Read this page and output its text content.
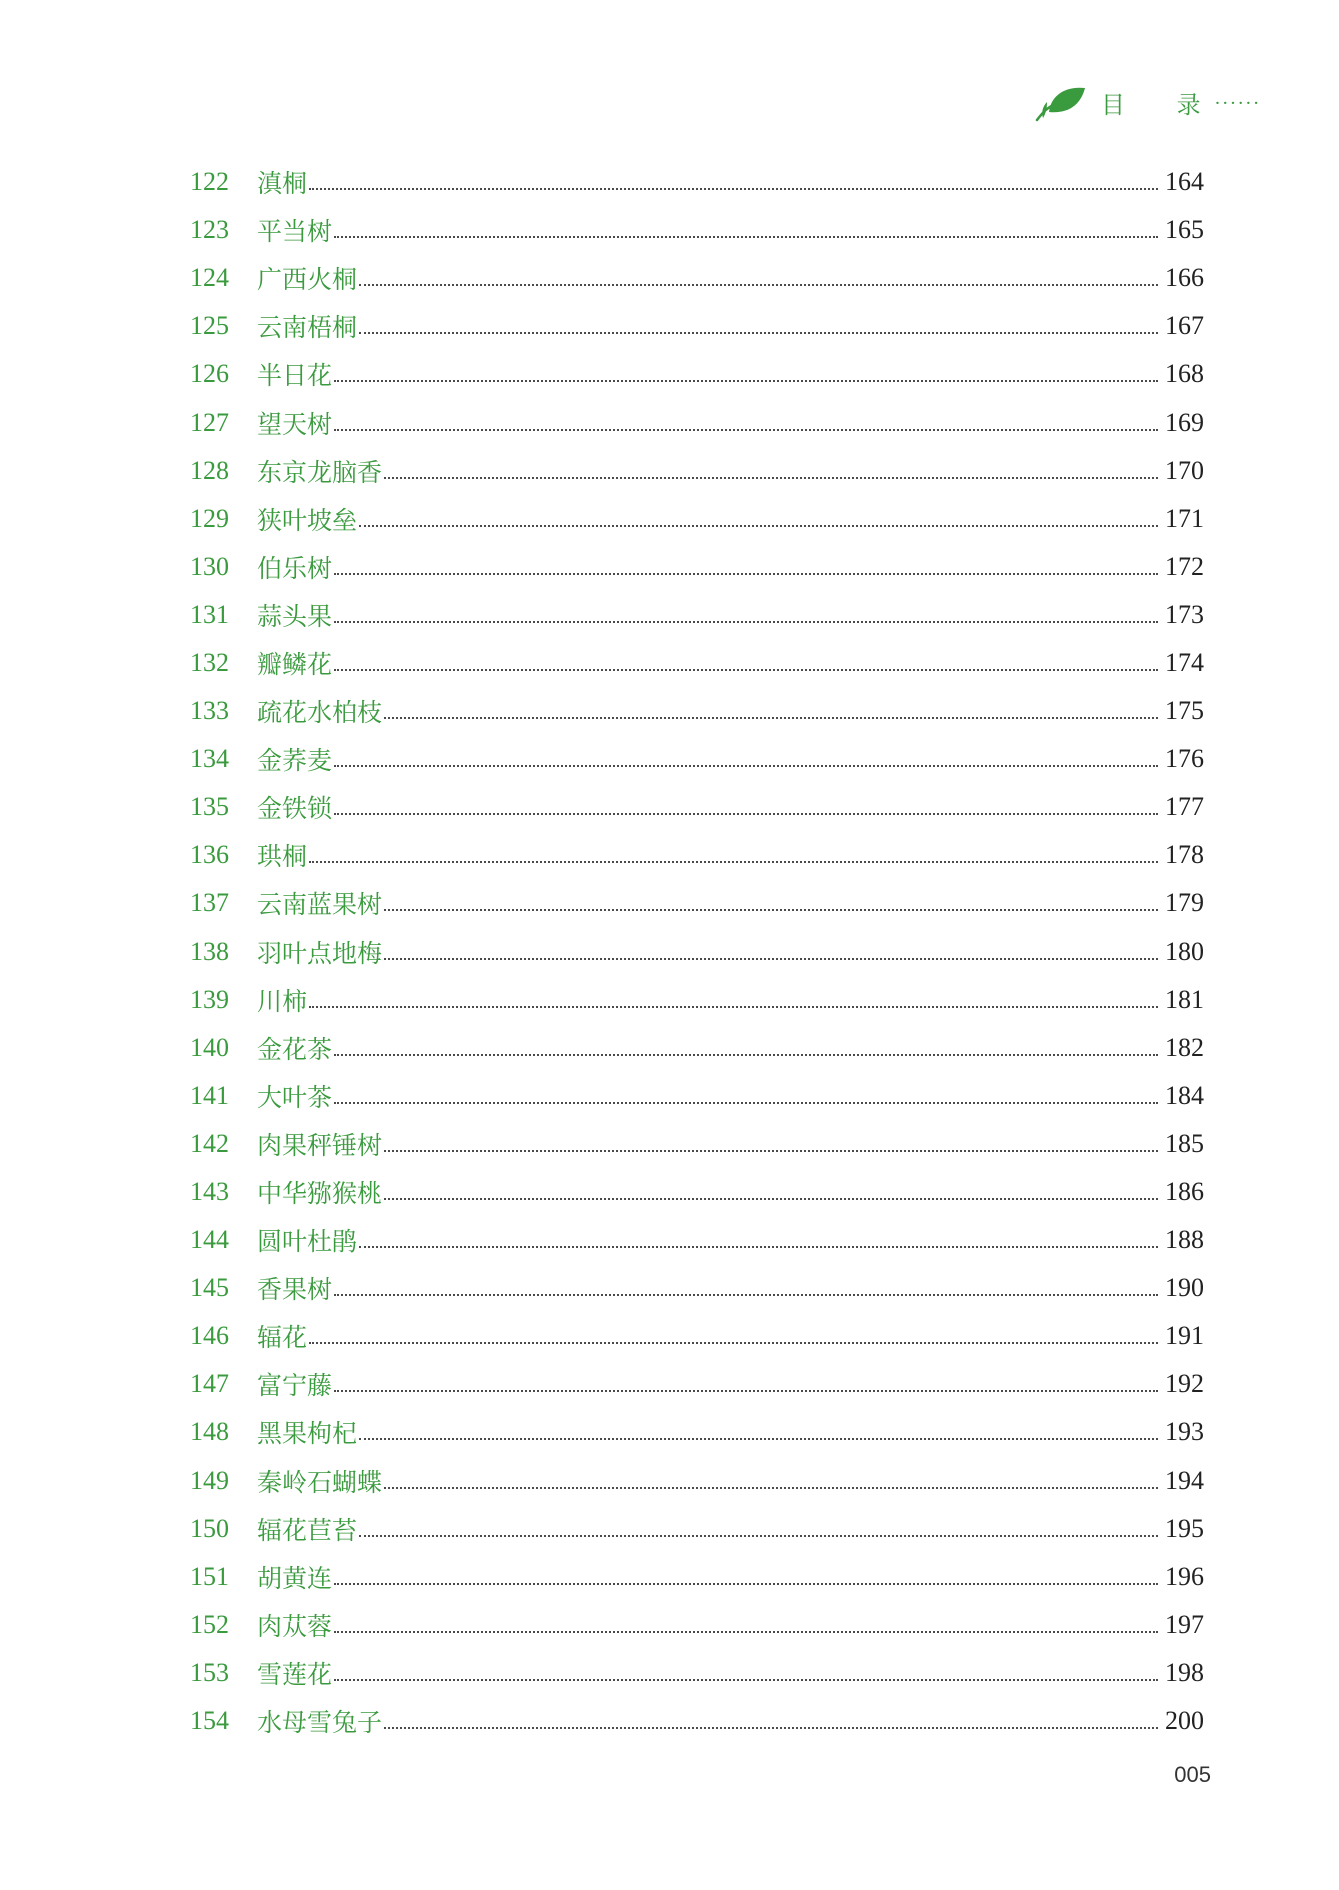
目 录
······
122	滇桐	164
123	平当树	165
124	广西火桐	166
125	云南梧桐	167
126	半日花	168
127	望天树	169
128	东京龙脑香	170
129	狭叶坡垒	171
130	伯乐树	172
131	蒜头果	173
132	瓣鳞花	174
133	疏花水柏枝	175
134	金荞麦	176
135	金铁锁	177
136	珙桐	178
137	云南蓝果树	179
138	羽叶点地梅	180
139	川柿	181
140	金花茶	182
141	大叶茶	184
142	肉果秤锤树	185
143	中华猕猴桃	186
144	圆叶杜鹃	188
145	香果树	190
146	辐花	191
147	富宁藤	192
148	黑果枸杞	193
149	秦岭石蝴蝶	194
150	辐花苣苔	195
151	胡黄连	196
152	肉苁蓉	197
153	雪莲花	198
154	水母雪兔子	200
005
